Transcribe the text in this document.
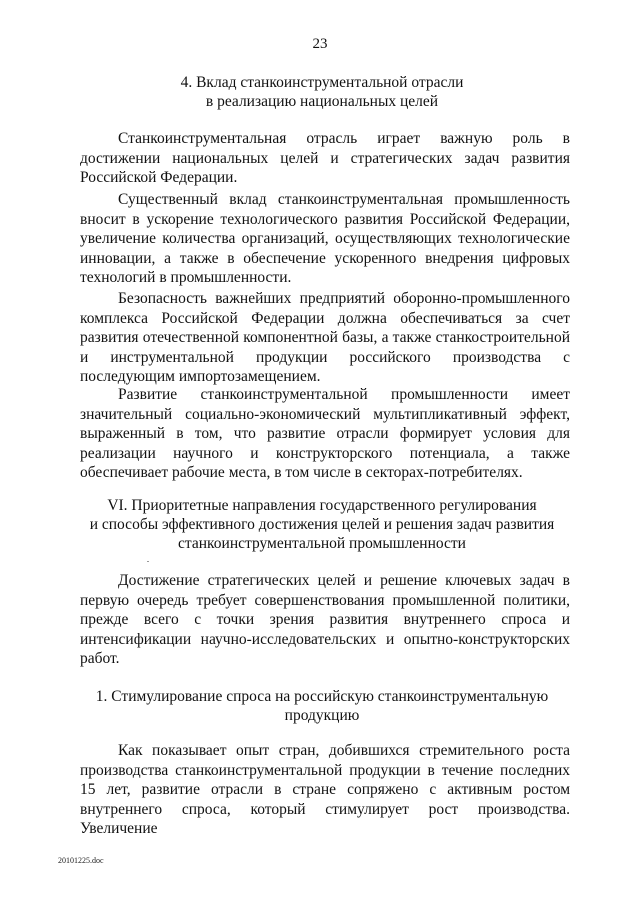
23
4. Вклад станкоинструментальной отрасли
в реализацию национальных целей

Станкоинструментальная отрасль играет важную роль в достижении национальных целей и стратегических задач развития Российской Федерации.

Существенный вклад станкоинструментальная промышленность вносит в ускорение технологического развития Российской Федерации, увеличение количества организаций, осуществляющих технологические инновации, а также в обеспечение ускоренного внедрения цифровых технологий в промышленности.

Безопасность важнейших предприятий оборонно-промышленного комплекса Российской Федерации должна обеспечиваться за счет развития отечественной компонентной базы, а также станкостроительной и инструментальной продукции российского производства с последующим импортозамещением.

Развитие станкоинструментальной промышленности имеет значительный социально-экономический мультипликативный эффект, выраженный в том, что развитие отрасли формирует условия для реализации научного и конструкторского потенциала, а также обеспечивает рабочие места, в том числе в секторах-потребителях.

VI. Приоритетные направления государственного регулирования
и способы эффективного достижения целей и решения задач развития
станкоинструментальной промышленности

Достижение стратегических целей и решение ключевых задач в первую очередь требует совершенствования промышленной политики, прежде всего с точки зрения развития внутреннего спроса и интенсификации научно-исследовательских и опытно-конструкторских работ.

1. Стимулирование спроса на российскую станкоинструментальную
продукцию

Как показывает опыт стран, добившихся стремительного роста производства станкоинструментальной продукции в течение последних 15 лет, развитие отрасли в стране сопряжено с активным ростом внутреннего спроса, который стимулирует рост производства. Увеличение

20101225.doc
